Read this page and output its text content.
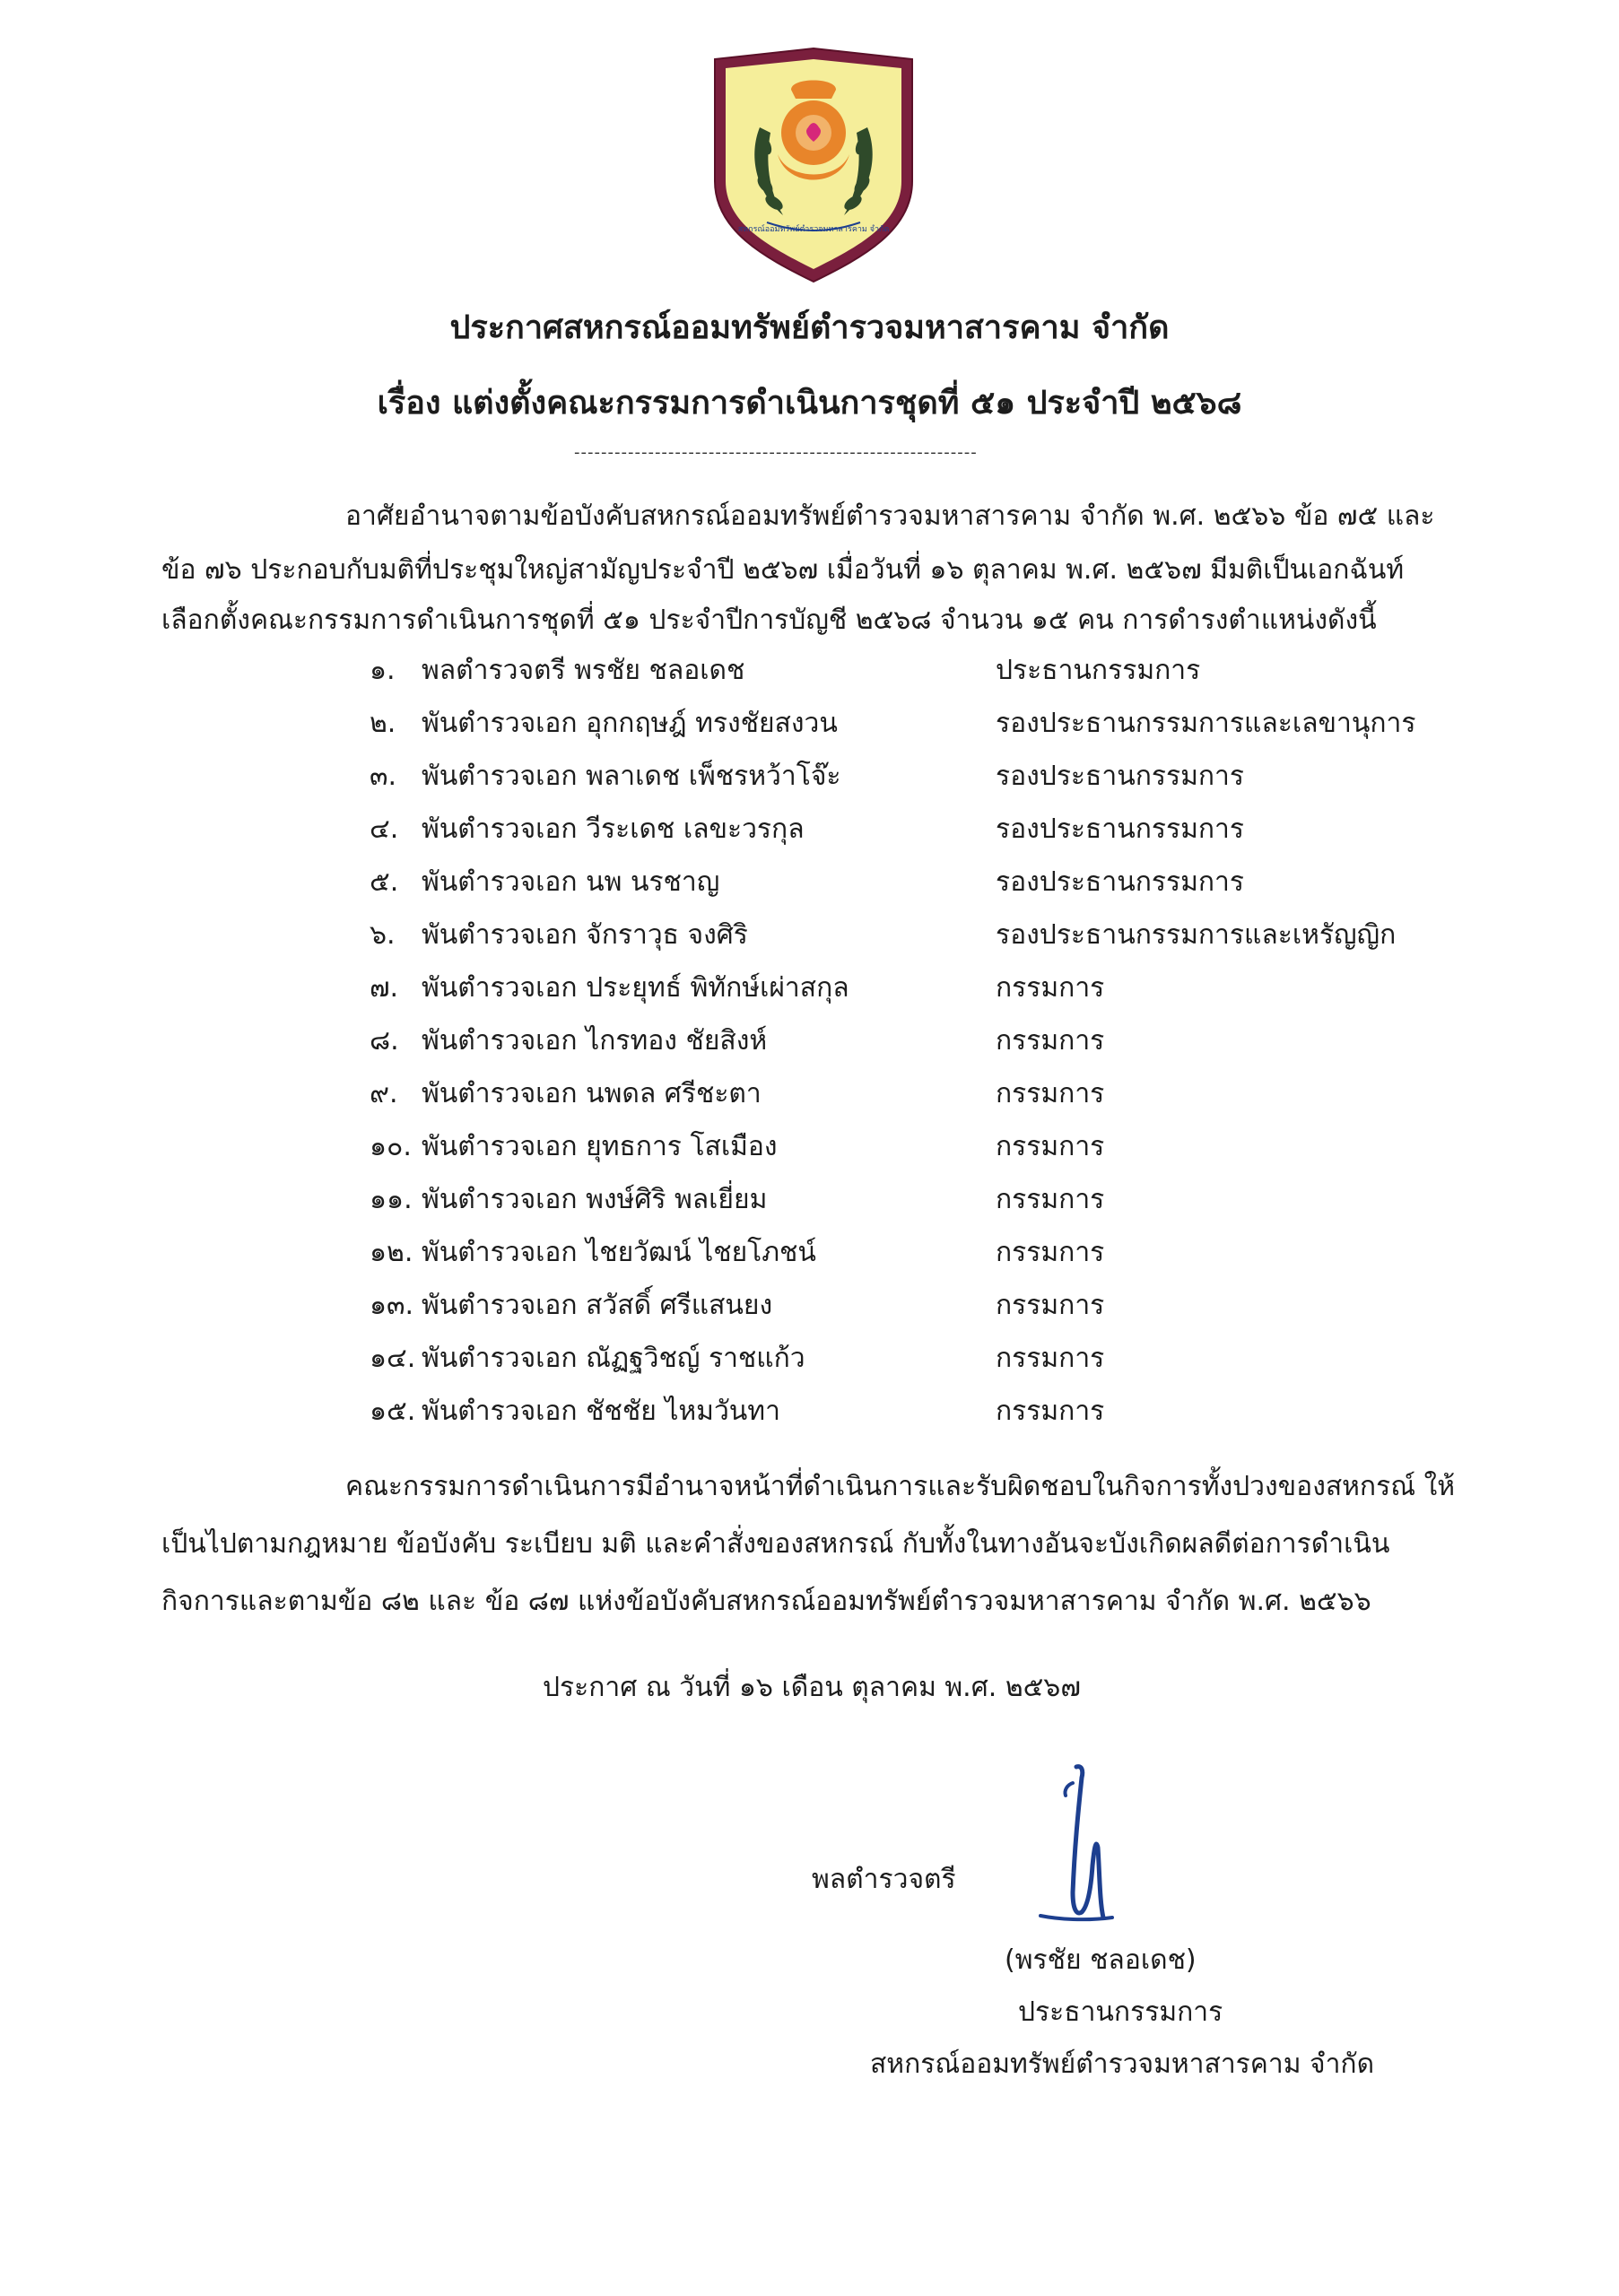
สหกรณ์ออมทรัพย์ตำรวจมหาสารคาม จำกัด
ประกาศสหกรณ์ออมทรัพย์ตำรวจมหาสารคาม จำกัด
เรื่อง แต่งตั้งคณะกรรมการดำเนินการชุดที่ ๕๑ ประจำปี ๒๕๖๘
------------------------------------------------------------
อาศัยอำนาจตามข้อบังคับสหกรณ์ออมทรัพย์ตำรวจมหาสารคาม จำกัด พ.ศ. ๒๕๖๖ ข้อ ๗๕ และ
ข้อ ๗๖ ประกอบกับมติที่ประชุมใหญ่สามัญประจำปี ๒๕๖๗ เมื่อวันที่ ๑๖ ตุลาคม พ.ศ. ๒๕๖๗ มีมติเป็นเอกฉันท์
เลือกตั้งคณะกรรมการดำเนินการชุดที่ ๕๑ ประจำปีการบัญชี ๒๕๖๘ จำนวน ๑๕ คน การดำรงตำแหน่งดังนี้
๑. พลตำรวจตรี พรชัย ชลอเดช	ประธานกรรมการ
๒. พันตำรวจเอก อุกกฤษฎ์ ทรงชัยสงวน	รองประธานกรรมการและเลขานุการ
๓. พันตำรวจเอก พลาเดช เพ็ชรหว้าโจ๊ะ	รองประธานกรรมการ
๔. พันตำรวจเอก วีระเดช เลขะวรกุล	รองประธานกรรมการ
๕. พันตำรวจเอก นพ นรชาญ	รองประธานกรรมการ
๖. พันตำรวจเอก จักราวุธ จงศิริ	รองประธานกรรมการและเหรัญญิก
๗. พันตำรวจเอก ประยุทธ์ พิทักษ์เผ่าสกุล	กรรมการ
๘. พันตำรวจเอก ไกรทอง ชัยสิงห์	กรรมการ
๙. พันตำรวจเอก นพดล ศรีชะตา	กรรมการ
๑๐. พันตำรวจเอก ยุทธการ โสเมือง	กรรมการ
๑๑. พันตำรวจเอก พงษ์ศิริ พลเยี่ยม	กรรมการ
๑๒. พันตำรวจเอก ไชยวัฒน์ ไชยโภชน์	กรรมการ
๑๓. พันตำรวจเอก สวัสดิ์ ศรีแสนยง	กรรมการ
๑๔. พันตำรวจเอก ณัฏฐวิชญ์ ราชแก้ว	กรรมการ
๑๕. พันตำรวจเอก ชัชชัย ไหมวันทา	กรรมการ
คณะกรรมการดำเนินการมีอำนาจหน้าที่ดำเนินการและรับผิดชอบในกิจการทั้งปวงของสหกรณ์ ให้
เป็นไปตามกฎหมาย ข้อบังคับ ระเบียบ มติ และคำสั่งของสหกรณ์ กับทั้งในทางอันจะบังเกิดผลดีต่อการดำเนิน
กิจการและตามข้อ ๘๒ และ ข้อ ๘๗ แห่งข้อบังคับสหกรณ์ออมทรัพย์ตำรวจมหาสารคาม จำกัด พ.ศ. ๒๕๖๖
ประกาศ ณ วันที่ ๑๖ เดือน ตุลาคม พ.ศ. ๒๕๖๗
พลตำรวจตรี
(พรชัย ชลอเดช)
ประธานกรรมการ
สหกรณ์ออมทรัพย์ตำรวจมหาสารคาม จำกัด
